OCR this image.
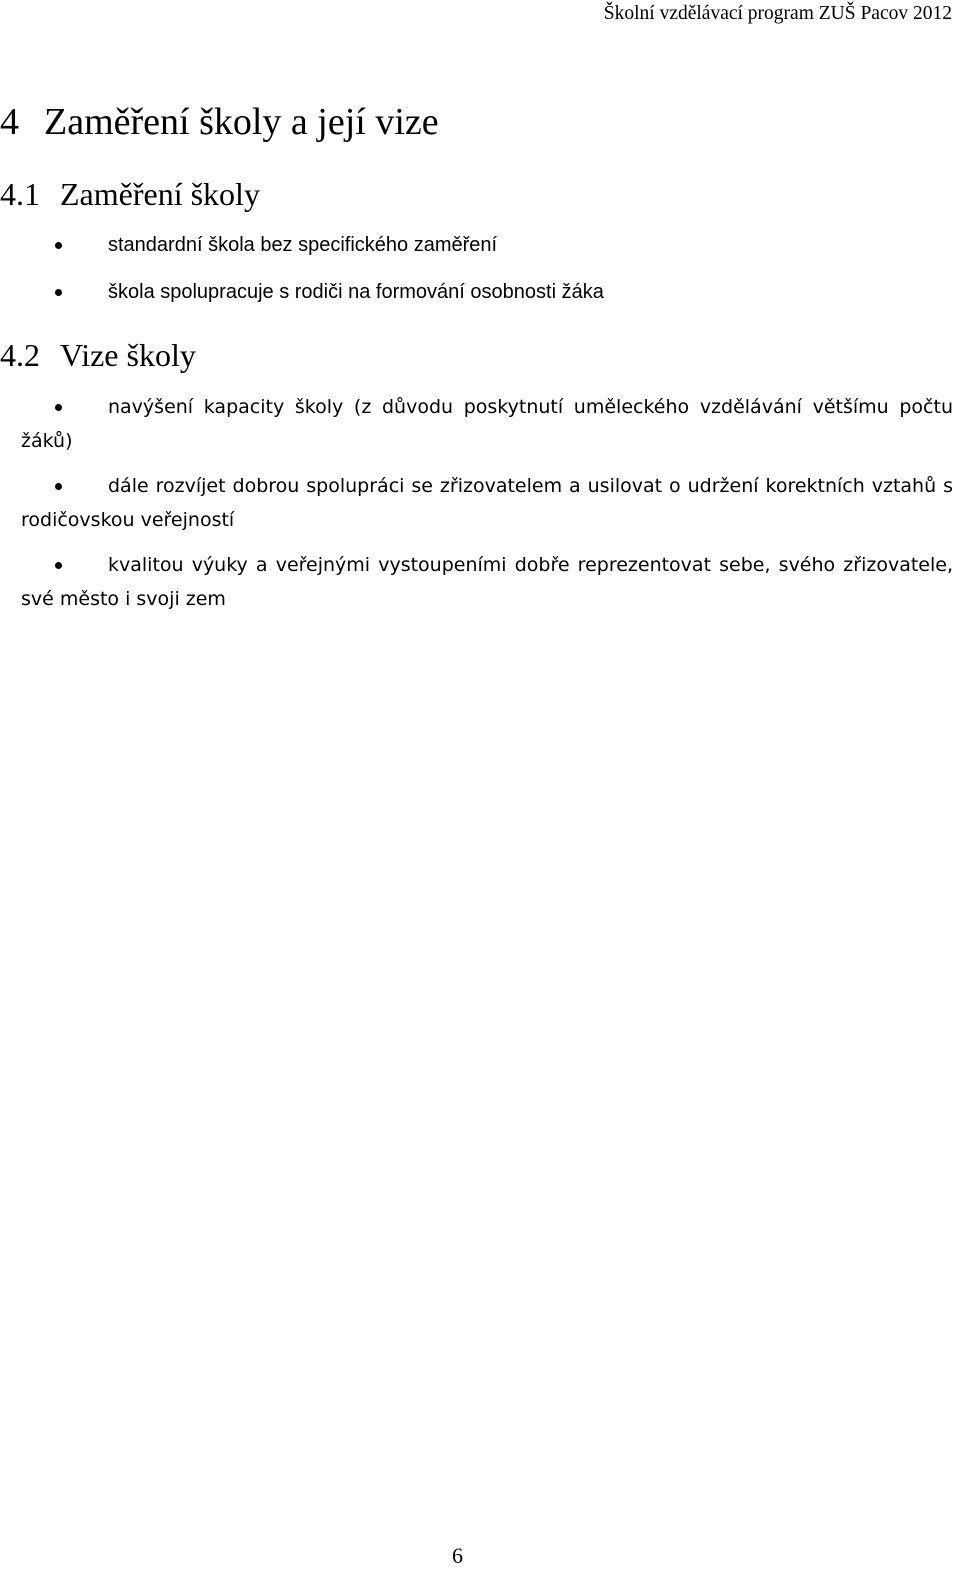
Školní vzdělávací program ZUŠ Pacov 2012
4 Zaměření školy a její vize
4.1 Zaměření školy
standardní škola bez specifického zaměření
škola spolupracuje s rodiči na formování osobnosti žáka
4.2 Vize školy
navýšení kapacity školy (z důvodu poskytnutí uměleckého vzdělávání většímu počtu žáků)
dále rozvíjet dobrou spolupráci se zřizovatelem a usilovat o udržení korektních vztahů s rodičovskou veřejností
kvalitou výuky a veřejnými vystoupeními dobře reprezentovat sebe, svého zřizovatele, své město i svoji zem
6
